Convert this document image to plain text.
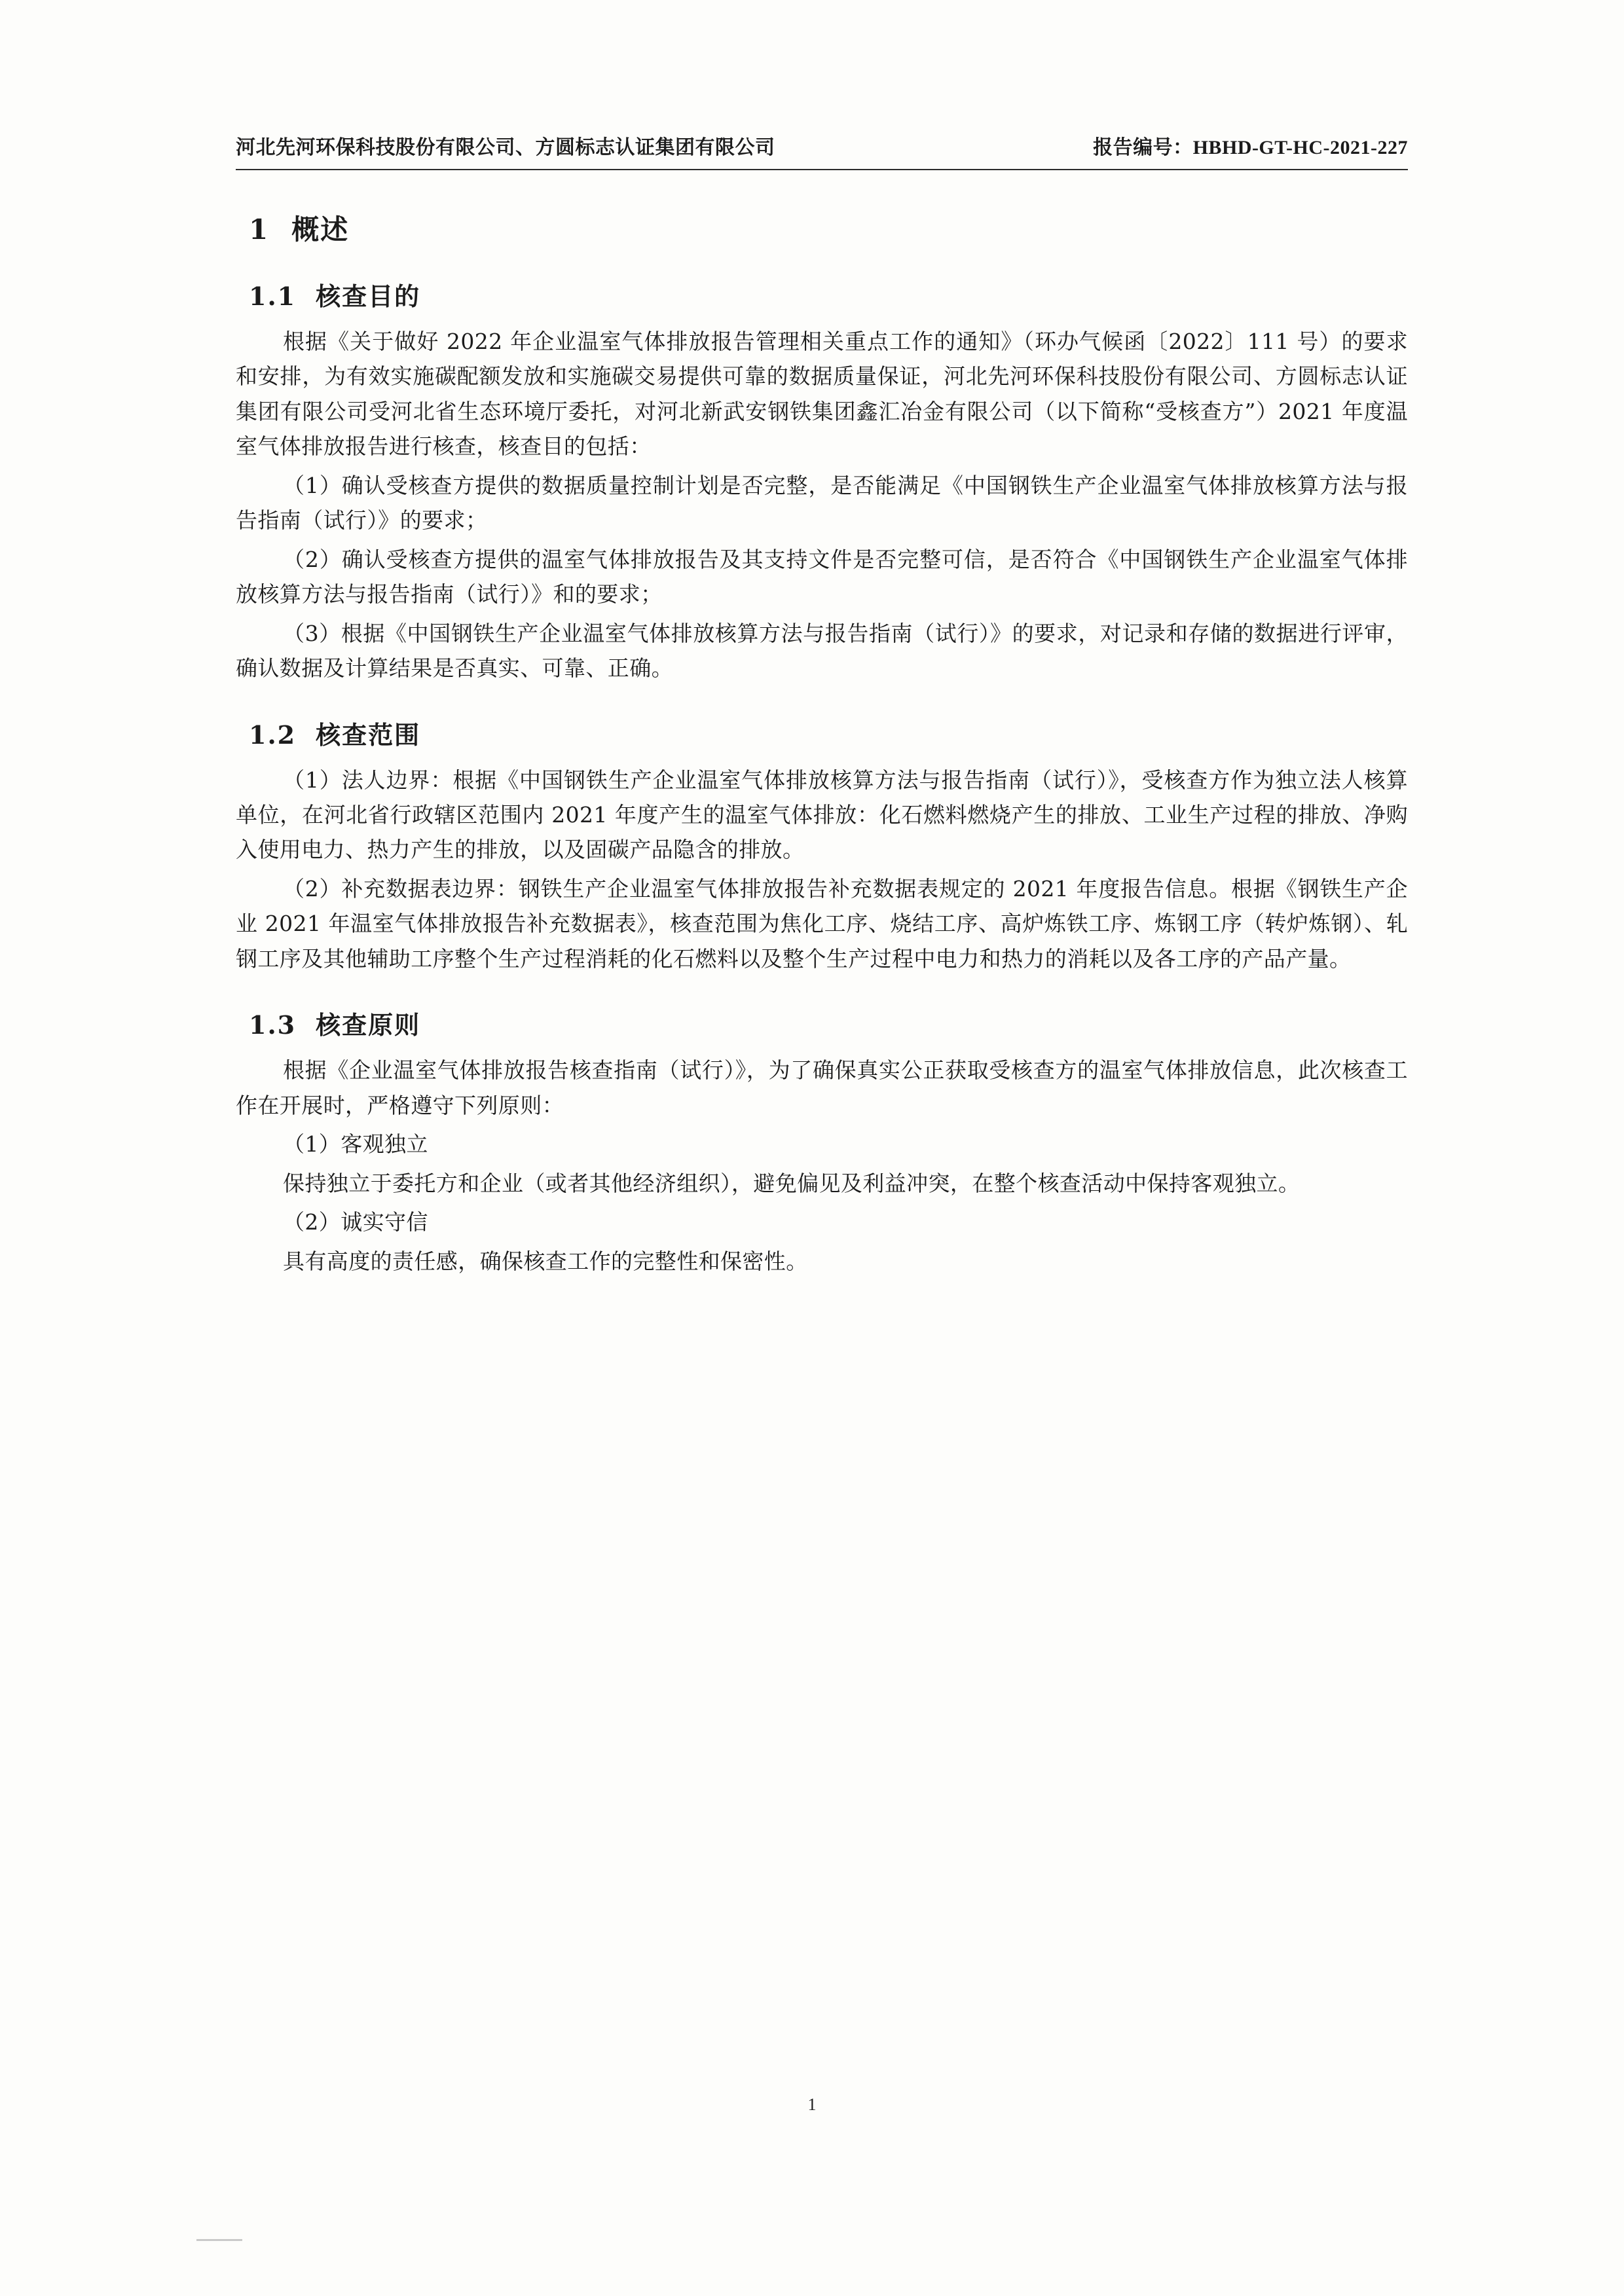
河北先河环保科技股份有限公司、方圆标志认证集团有限公司	报告编号：HBHD-GT-HC-2021-227
1 概述
1.1 核查目的

根据《关于做好 2022 年企业温室气体排放报告管理相关重点工作的通知》（环办气候函〔2022〕111 号）的要求和安排，为有效实施碳配额发放和实施碳交易提供可靠的数据质量保证，河北先河环保科技股份有限公司、方圆标志认证集团有限公司受河北省生态环境厅委托，对河北新武安钢铁集团鑫汇冶金有限公司（以下简称“受核查方”）2021 年度温室气体排放报告进行核查，核查目的包括：

（1）确认受核查方提供的数据质量控制计划是否完整，是否能满足《中国钢铁生产企业温室气体排放核算方法与报告指南（试行）》的要求；

（2）确认受核查方提供的温室气体排放报告及其支持文件是否完整可信，是否符合《中国钢铁生产企业温室气体排放核算方法与报告指南（试行）》和的要求；

（3）根据《中国钢铁生产企业温室气体排放核算方法与报告指南（试行）》的要求，对记录和存储的数据进行评审，确认数据及计算结果是否真实、可靠、正确。

1.2 核查范围

（1）法人边界：根据《中国钢铁生产企业温室气体排放核算方法与报告指南（试行）》，受核查方作为独立法人核算单位，在河北省行政辖区范围内 2021 年度产生的温室气体排放：化石燃料燃烧产生的排放、工业生产过程的排放、净购入使用电力、热力产生的排放，以及固碳产品隐含的排放。

（2）补充数据表边界：钢铁生产企业温室气体排放报告补充数据表规定的 2021 年度报告信息。根据《钢铁生产企业 2021 年温室气体排放报告补充数据表》，核查范围为焦化工序、烧结工序、高炉炼铁工序、炼钢工序（转炉炼钢）、轧钢工序及其他辅助工序整个生产过程消耗的化石燃料以及整个生产过程中电力和热力的消耗以及各工序的产品产量。

1.3 核查原则

根据《企业温室气体排放报告核查指南（试行）》，为了确保真实公正获取受核查方的温室气体排放信息，此次核查工作在开展时，严格遵守下列原则：

（1）客观独立

保持独立于委托方和企业（或者其他经济组织），避免偏见及利益冲突，在整个核查活动中保持客观独立。

（2）诚实守信

具有高度的责任感，确保核查工作的完整性和保密性。

1
